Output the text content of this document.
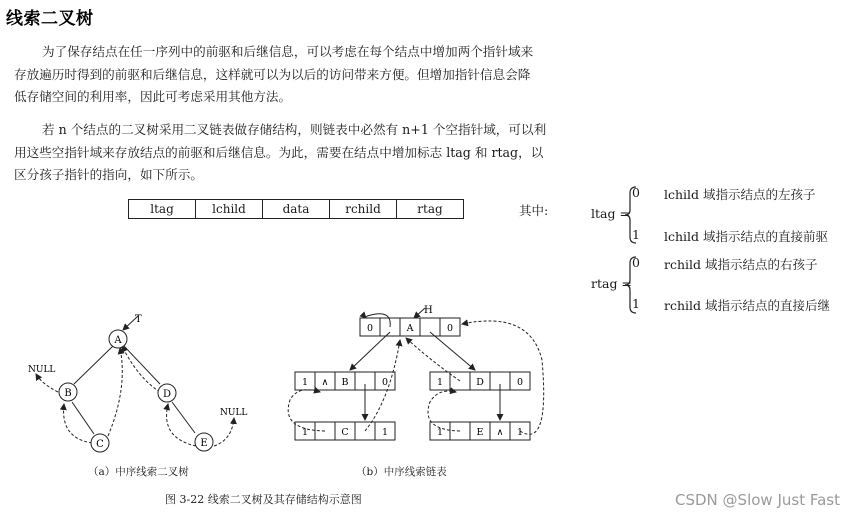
线索二叉树
为了保存结点在任一序列中的前驱和后继信息，可以考虑在每个结点中增加两个指针域来
存放遍历时得到的前驱和后继信息，这样就可以为以后的访问带来方便。但增加指针信息会降
低存储空间的利用率，因此可考虑采用其他方法。
若 n 个结点的二叉树采用二叉链表做存储结构，则链表中必然有 n+1 个空指针域，可以利
用这些空指针域来存放结点的前驱和后继信息。为此，需要在结点中增加标志 ltag 和 rtag，以
区分孩子指针的指向，如下所示。
ltag	lchild	data	rchild	rtag	其中:	ltag =
0 lchild 域指示结点的左孩子
1 lchild 域指示结点的直接前驱
rtag =
0 rchild 域指示结点的右孩子
1 rchild 域指示结点的直接后继
T
A
B
C
D
E
NULL
NULL
（a）中序线索二叉树
H
0	A	0
1 ∧ B	0	1	D	0
1	C	1	1	E ∧ 1
（b）中序线索链表
图 3-22 线索二叉树及其存储结构示意图	CSDN @Slow Just Fast
